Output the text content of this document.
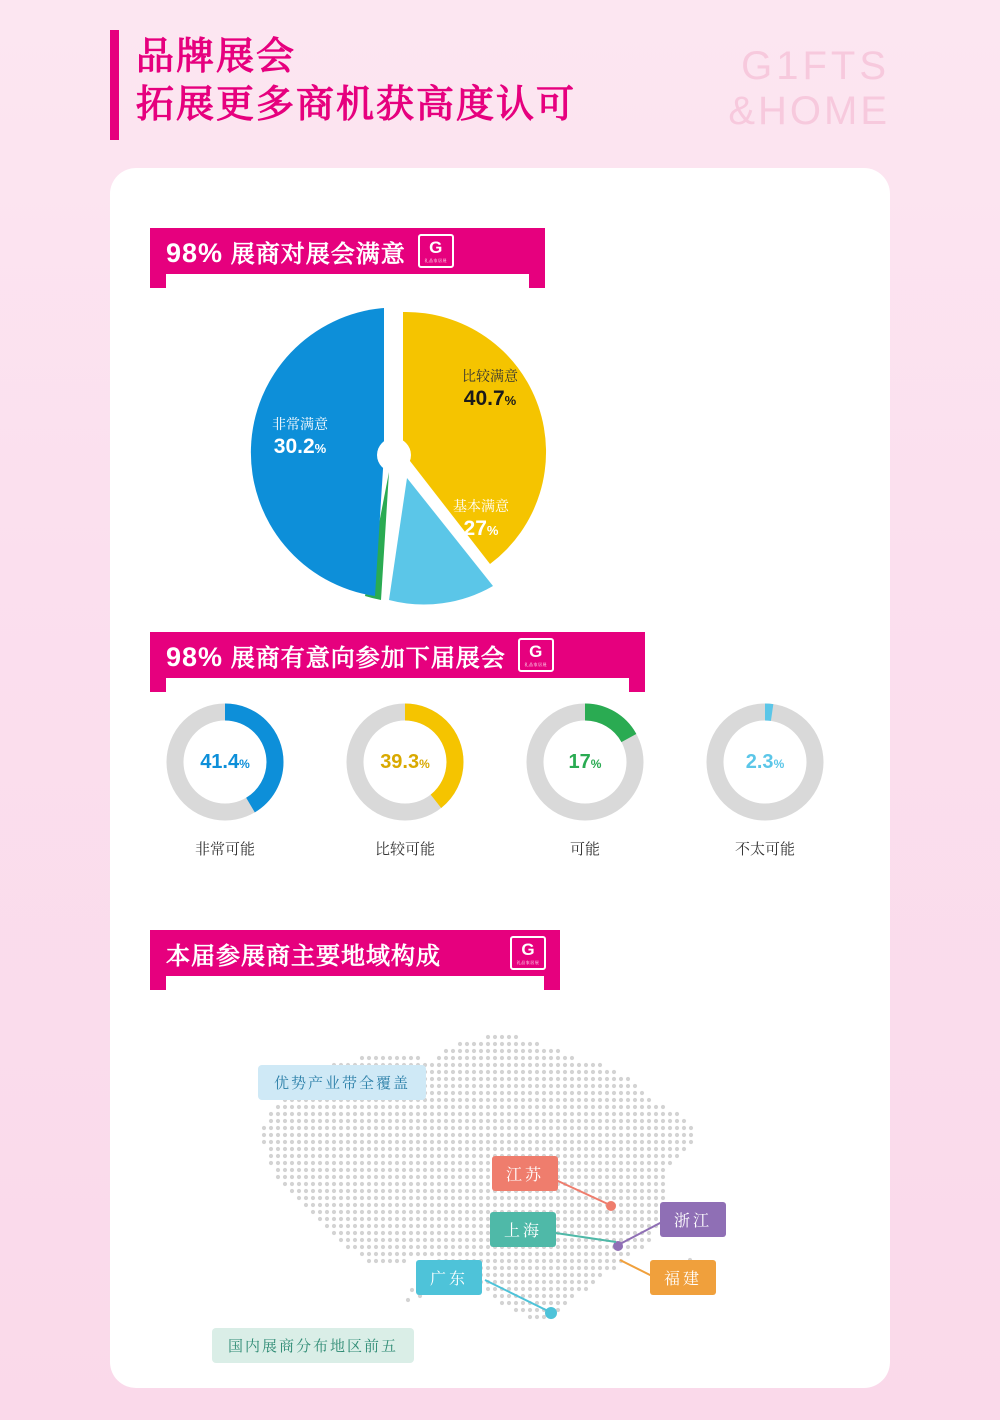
品牌展会
拓展更多商机获高度认可
G1FTS
&HOME
98% 展商对展会满意 G
礼品家居展
比较满意
40.7%
非常满意
30.2%
基本满意
27%
98% 展商有意向参加下届展会 G
礼品家居展
41.4%
非常可能
39.3%
比较可能
17%
可能
2.3%
不太可能
本届参展商主要地域构成	G
礼品家居展
优势产业带全覆盖
江苏
浙江
上海
福建
广东
国内展商分布地区前五
